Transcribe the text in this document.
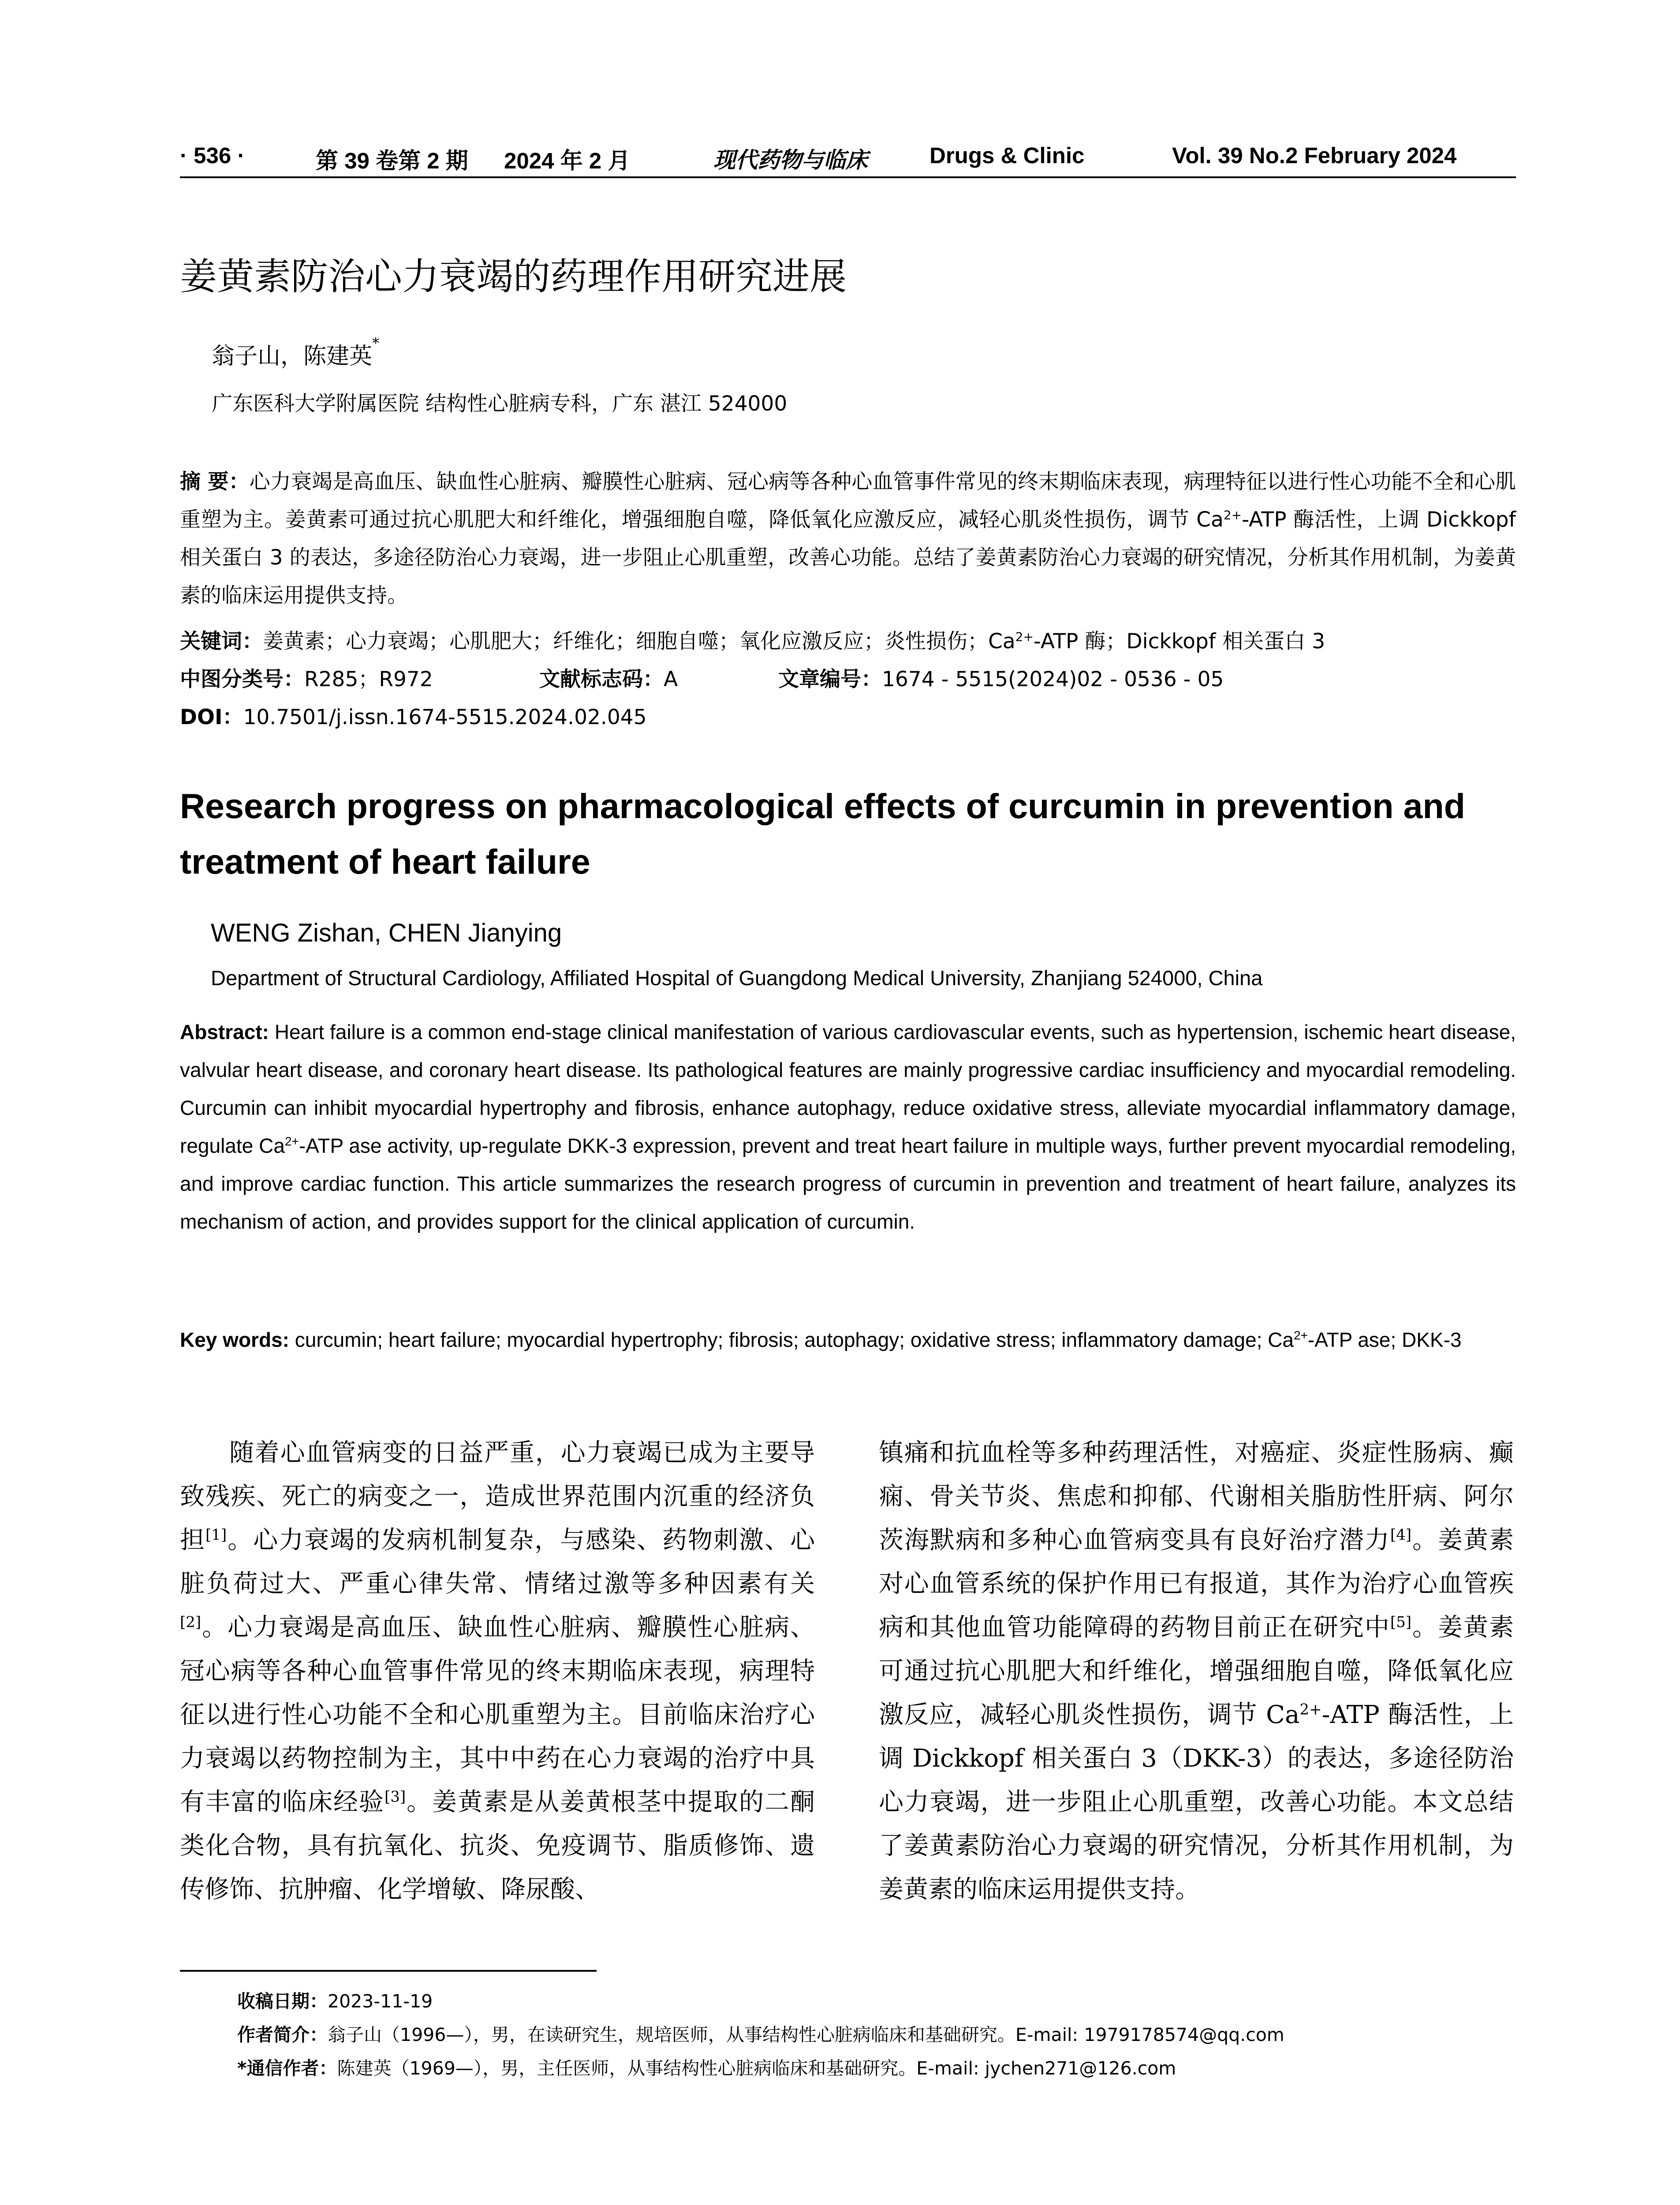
· 536 ·	第 39 卷第 2 期 2024 年 2 月	现代药物与临床	Drugs & Clinic	Vol. 39 No.2 February 2024
姜黄素防治心力衰竭的药理作用研究进展
翁子山，陈建英*
广东医科大学附属医院 结构性心脏病专科，广东 湛江 524000
摘 要：心力衰竭是高血压、缺血性心脏病、瓣膜性心脏病、冠心病等各种心血管事件常见的终末期临床表现，病理特征以进行性心功能不全和心肌重塑为主。姜黄素可通过抗心肌肥大和纤维化，增强细胞自噬，降低氧化应激反应，减轻心肌炎性损伤，调节 $Ca^{2+}$-ATP 酶活性，上调 Dickkopf 相关蛋白 3 的表达，多途径防治心力衰竭，进一步阻止心肌重塑，改善心功能。总结了姜黄素防治心力衰竭的研究情况，分析其作用机制，为姜黄素的临床运用提供支持。
关键词：姜黄素；心力衰竭；心肌肥大；纤维化；细胞自噬；氧化应激反应；炎性损伤；$Ca^{2+}$-ATP 酶；Dickkopf 相关蛋白 3
中图分类号： R285；R972	文献标志码： A	文章编号： 1674 - 5515(2024)02 - 0536 - 05
DOI：10.7501/j.issn.1674-5515.2024.02.045
Research progress on pharmacological effects of curcumin in prevention and treatment of heart failure
WENG Zishan, CHEN Jianying
Department of Structural Cardiology, Affiliated Hospital of Guangdong Medical University, Zhanjiang 524000, China
Abstract: Heart failure is a common end-stage clinical manifestation of various cardiovascular events, such as hypertension, ischemic heart disease, valvular heart disease, and coronary heart disease. Its pathological features are mainly progressive cardiac insufficiency and myocardial remodeling. Curcumin can inhibit myocardial hypertrophy and fibrosis, enhance autophagy, reduce oxidative stress, alleviate myocardial inflammatory damage, regulate $Ca^{2+}$-ATP ase activity, up-regulate DKK-3 expression, prevent and treat heart failure in multiple ways, further prevent myocardial remodeling, and improve cardiac function. This article summarizes the research progress of curcumin in prevention and treatment of heart failure, analyzes its mechanism of action, and provides support for the clinical application of curcumin.
Key words: curcumin; heart failure; myocardial hypertrophy; fibrosis; autophagy; oxidative stress; inflammatory damage; $Ca^{2+}$-ATP ase; DKK-3
随着心血管病变的日益严重，心力衰竭已成为主要导致残疾、死亡的病变之一，造成世界范围内沉重的经济负担[1]。心力衰竭的发病机制复杂，与感染、药物刺激、心脏负荷过大、严重心律失常、情绪过激等多种因素有关[2]。心力衰竭是高血压、缺血性心脏病、瓣膜性心脏病、冠心病等各种心血管事件常见的终末期临床表现，病理特征以进行性心功能不全和心肌重塑为主。目前临床治疗心力衰竭以药物控制为主，其中中药在心力衰竭的治疗中具有丰富的临床经验[3]。姜黄素是从姜黄根茎中提取的二酮类化合物，具有抗氧化、抗炎、免疫调节、脂质修饰、遗传修饰、抗肿瘤、化学增敏、降尿酸、
镇痛和抗血栓等多种药理活性，对癌症、炎症性肠病、癫痫、骨关节炎、焦虑和抑郁、代谢相关脂肪性肝病、阿尔茨海默病和多种心血管病变具有良好治疗潜力[4]。姜黄素对心血管系统的保护作用已有报道，其作为治疗心血管疾病和其他血管功能障碍的药物目前正在研究中[5]。姜黄素可通过抗心肌肥大和纤维化，增强细胞自噬，降低氧化应激反应，减轻心肌炎性损伤，调节 $Ca^{2+}$-ATP 酶活性，上调 Dickkopf 相关蛋白 3（DKK-3）的表达，多途径防治心力衰竭，进一步阻止心肌重塑，改善心功能。本文总结了姜黄素防治心力衰竭的研究情况，分析其作用机制，为姜黄素的临床运用提供支持。
收稿日期：2023-11-19
作者简介：翁子山（1996—），男，在读研究生，规培医师，从事结构性心脏病临床和基础研究。E-mail: 1979178574@qq.com
*通信作者：陈建英（1969—），男，主任医师，从事结构性心脏病临床和基础研究。E-mail: jychen271@126.com
